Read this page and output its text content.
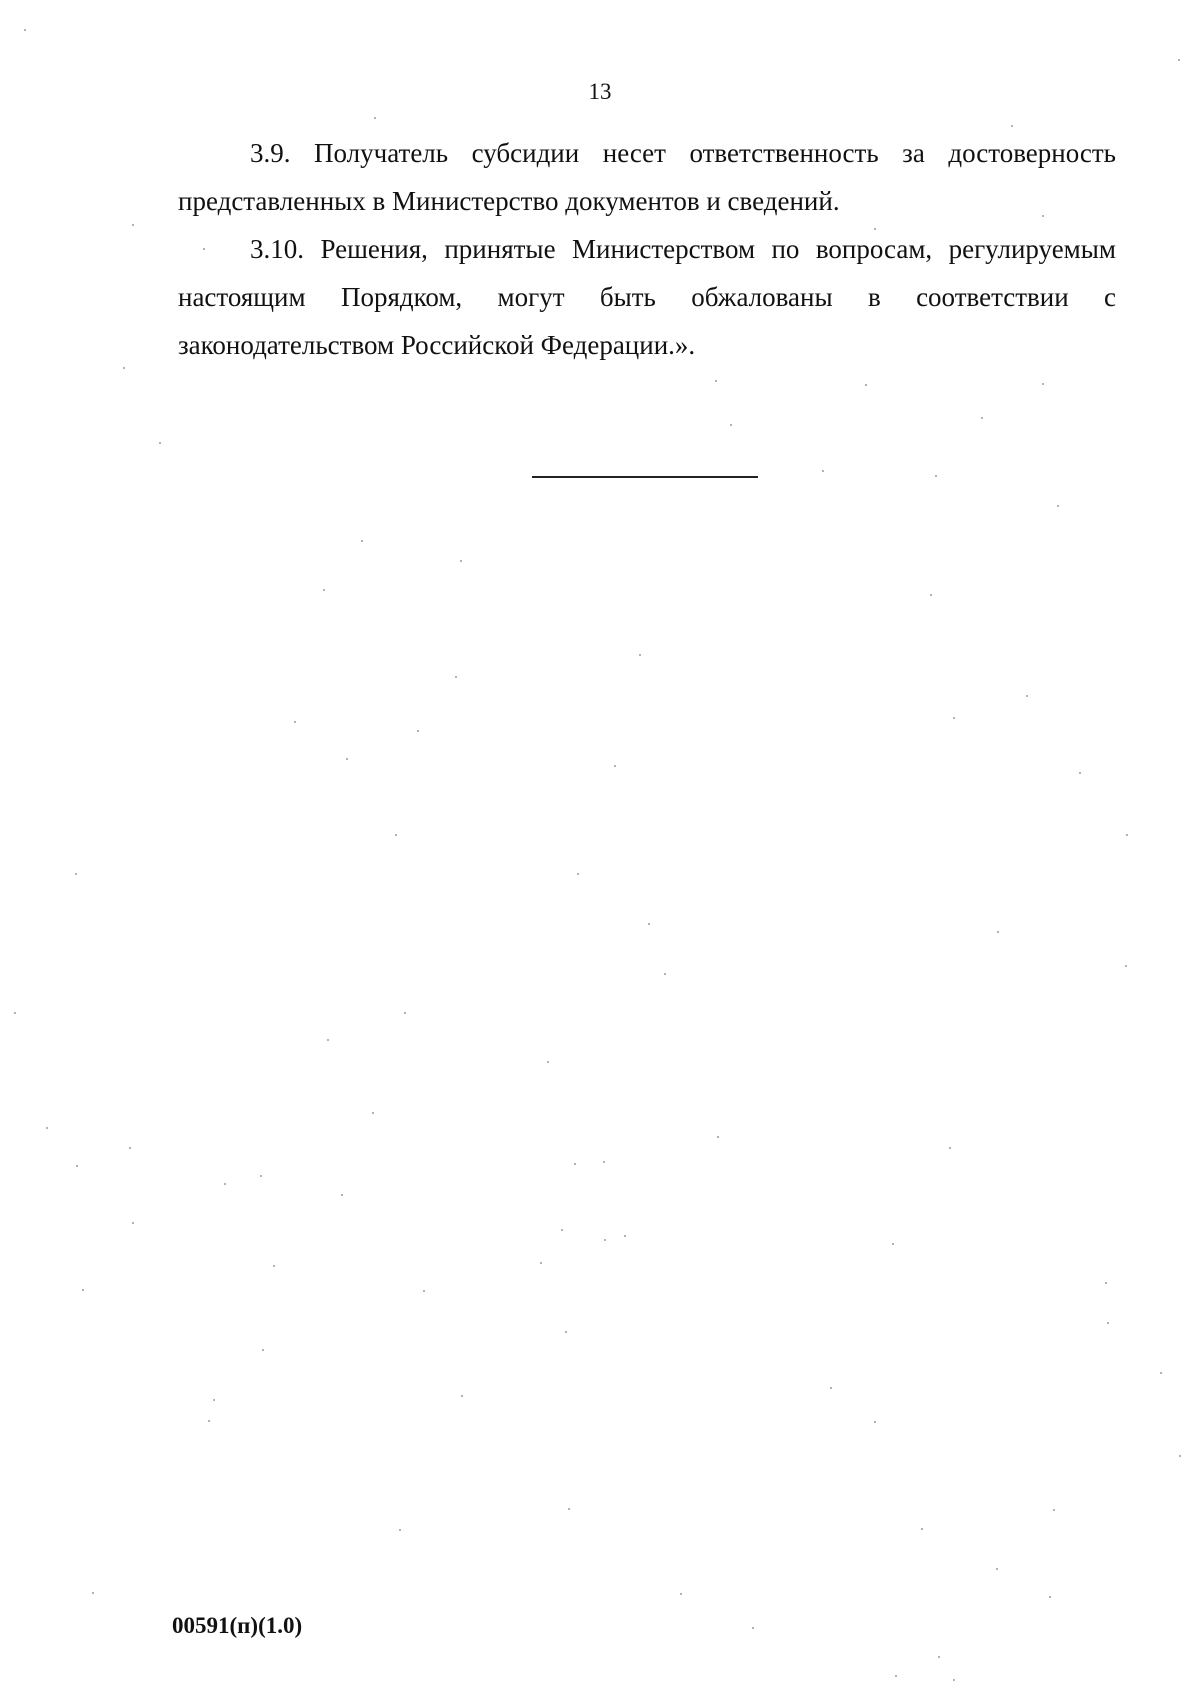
13

3.9. Получатель субсидии несет ответственность за достоверность представленных в Министерство документов и сведений.

3.10. Решения, принятые Министерством по вопросам, регулируемым настоящим Порядком, могут быть обжалованы в соответствии с законодательством Российской Федерации.».

00591(п)(1.0)
